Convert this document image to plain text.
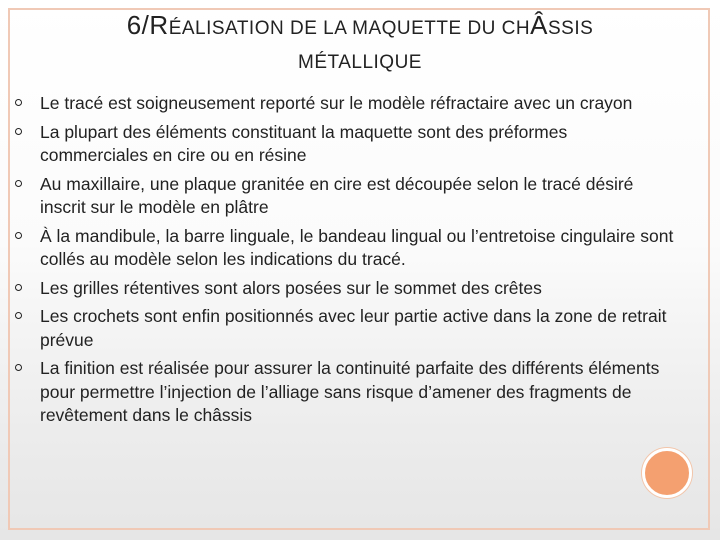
6/RÉALISATION DE LA MAQUETTE DU CHÂSSIS
MÉTALLIQUE
Le tracé est soigneusement reporté sur le modèle réfractaire avec un crayon
La plupart des éléments constituant la maquette sont des préformes commerciales en cire ou en résine
Au maxillaire, une plaque granitée en cire est découpée selon le tracé désiré inscrit sur le modèle en plâtre
À la mandibule, la barre linguale, le bandeau lingual ou l’entretoise cingulaire sont collés au modèle selon les indications du tracé.
Les grilles rétentives sont alors posées sur le sommet des crêtes
Les crochets sont enfin positionnés avec leur partie active dans la zone de retrait prévue
La finition est réalisée pour assurer la continuité parfaite des différents éléments pour permettre l’injection de l’alliage sans risque d’amener des fragments de revêtement dans le châssis
